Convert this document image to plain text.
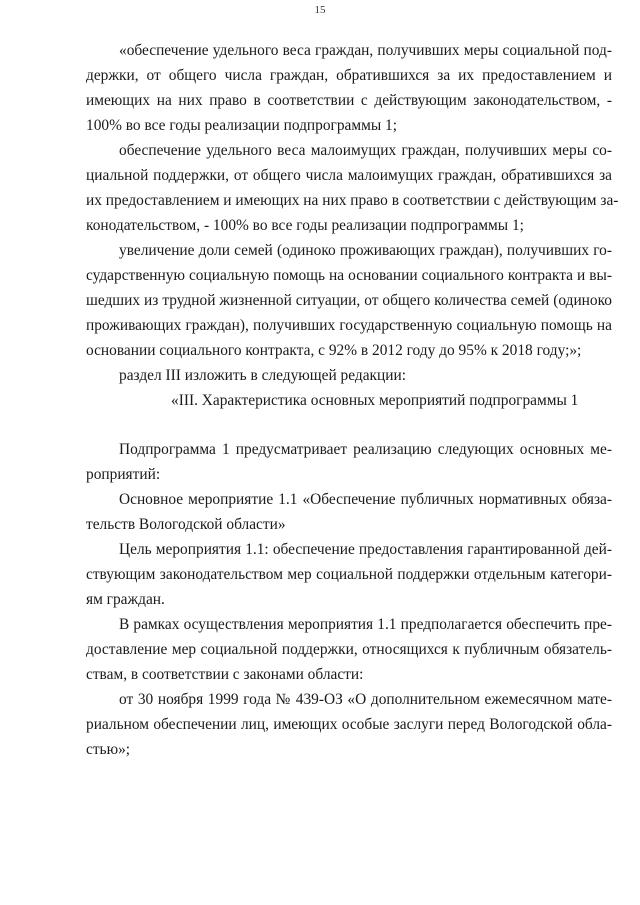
15
«обеспечение удельного веса граждан, получивших меры социальной под-
держки, от общего числа граждан, обратившихся за их предоставлением и
имеющих на них право в соответствии с действующим законодательством, -
100% во все годы реализации подпрограммы 1;
обеспечение удельного веса малоимущих граждан, получивших меры со-
циальной поддержки, от общего числа малоимущих граждан, обратившихся за
их предоставлением и имеющих на них право в соответствии с действующим за-
конодательством, - 100% во все годы реализации подпрограммы 1;
увеличение доли семей (одиноко проживающих граждан), получивших го-
сударственную социальную помощь на основании социального контракта и вы-
шедших из трудной жизненной ситуации, от общего количества семей (одиноко
проживающих граждан), получивших государственную социальную помощь на
основании социального контракта, с 92% в 2012 году до 95% к 2018 году;»;
раздел III изложить в следующей редакции:
«III. Характеристика основных мероприятий подпрограммы 1
Подпрограмма 1 предусматривает реализацию следующих основных ме-
роприятий:
Основное мероприятие 1.1 «Обеспечение публичных нормативных обяза-
тельств Вологодской области»
Цель мероприятия 1.1: обеспечение предоставления гарантированной дей-
ствующим законодательством мер социальной поддержки отдельным категори-
ям граждан.
В рамках осуществления мероприятия 1.1 предполагается обеспечить пре-
доставление мер социальной поддержки, относящихся к публичным обязатель-
ствам, в соответствии с законами области:
от 30 ноября 1999 года № 439-ОЗ «О дополнительном ежемесячном мате-
риальном обеспечении лиц, имеющих особые заслуги перед Вологодской обла-
стью»;
